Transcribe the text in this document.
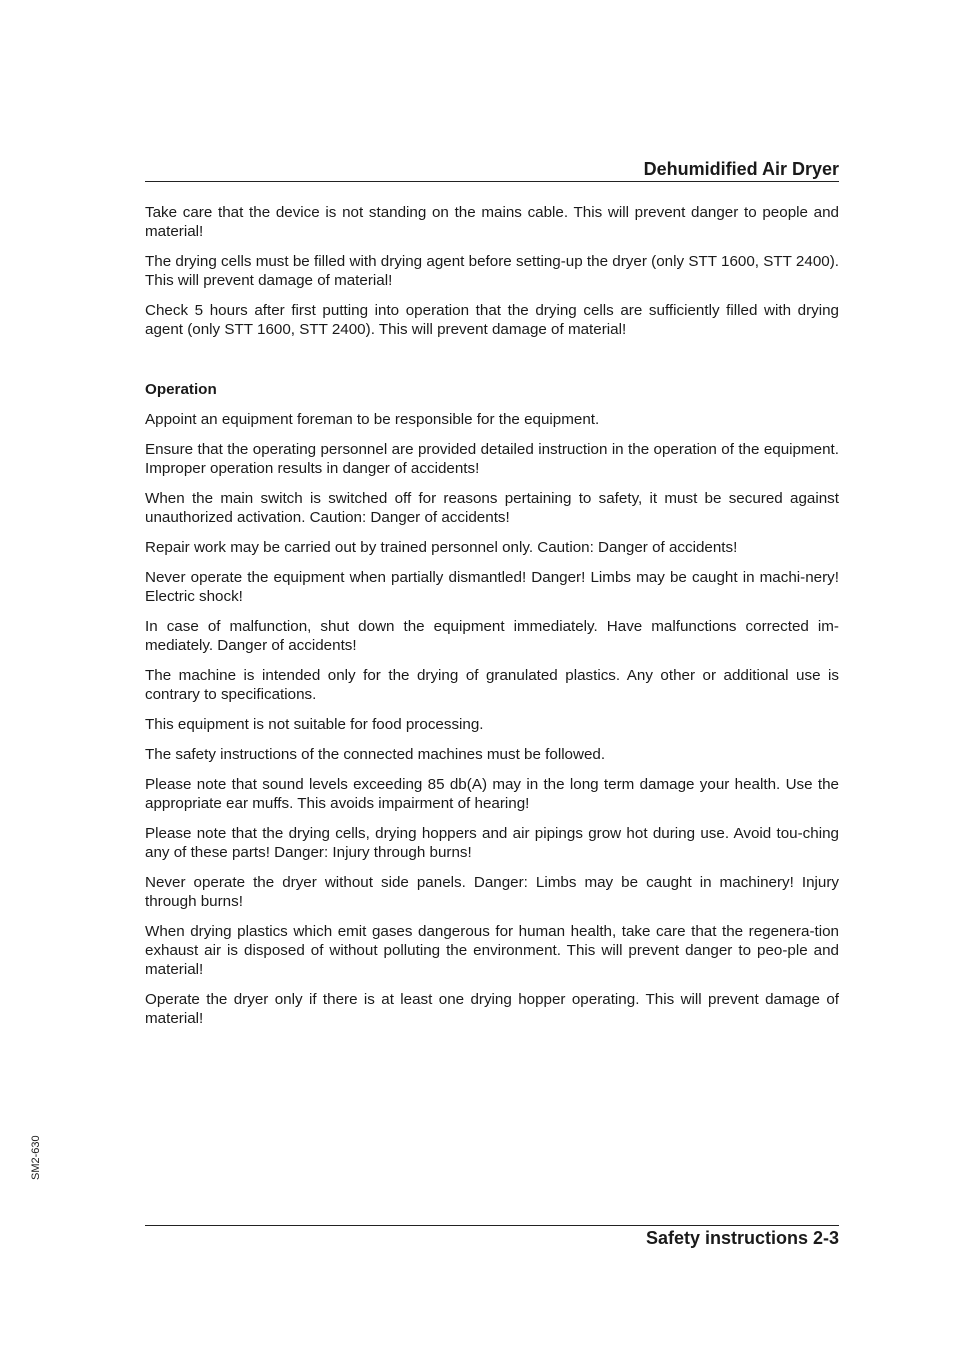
Dehumidified Air Dryer

Take care that the device is not standing on the mains cable. This will prevent danger to people and material!

The drying cells must be filled with drying agent before setting-up the dryer (only STT 1600, STT 2400). This will prevent damage of material!

Check 5 hours after first putting into operation that the drying cells are sufficiently filled with drying agent (only STT 1600, STT 2400). This will prevent damage of material!

Operation

Appoint an equipment foreman to be responsible for the equipment.

Ensure that the operating personnel are provided detailed instruction in the operation of the equipment. Improper operation results in danger of accidents!

When the main switch is switched off for reasons pertaining to safety, it must be secured against unauthorized activation. Caution: Danger of accidents!

Repair work may be carried out by trained personnel only. Caution: Danger of accidents!

Never operate the equipment when partially dismantled! Danger! Limbs may be caught in machi-nery! Electric shock!

In case of malfunction, shut down the equipment immediately. Have malfunctions corrected im-mediately. Danger of accidents!

The machine is intended only for the drying of granulated plastics. Any other or additional use is contrary to specifications.

This equipment is not suitable for food processing.

The safety instructions of the connected machines must be followed.

Please note that sound levels exceeding 85 db(A) may in the long term damage your health. Use the appropriate ear muffs. This avoids impairment of hearing!

Please note that the drying cells, drying hoppers and air pipings grow hot during use. Avoid tou-ching any of these parts! Danger: Injury through burns!

Never operate the dryer without side panels. Danger: Limbs may be caught in machinery! Injury through burns!

When drying plastics which emit gases dangerous for human health, take care that the regenera-tion exhaust air is disposed of without polluting the environment. This will prevent danger to peo-ple and material!

Operate the dryer only if there is at least one drying hopper operating. This will prevent damage of material!

SM2-630
Safety instructions 2-3
